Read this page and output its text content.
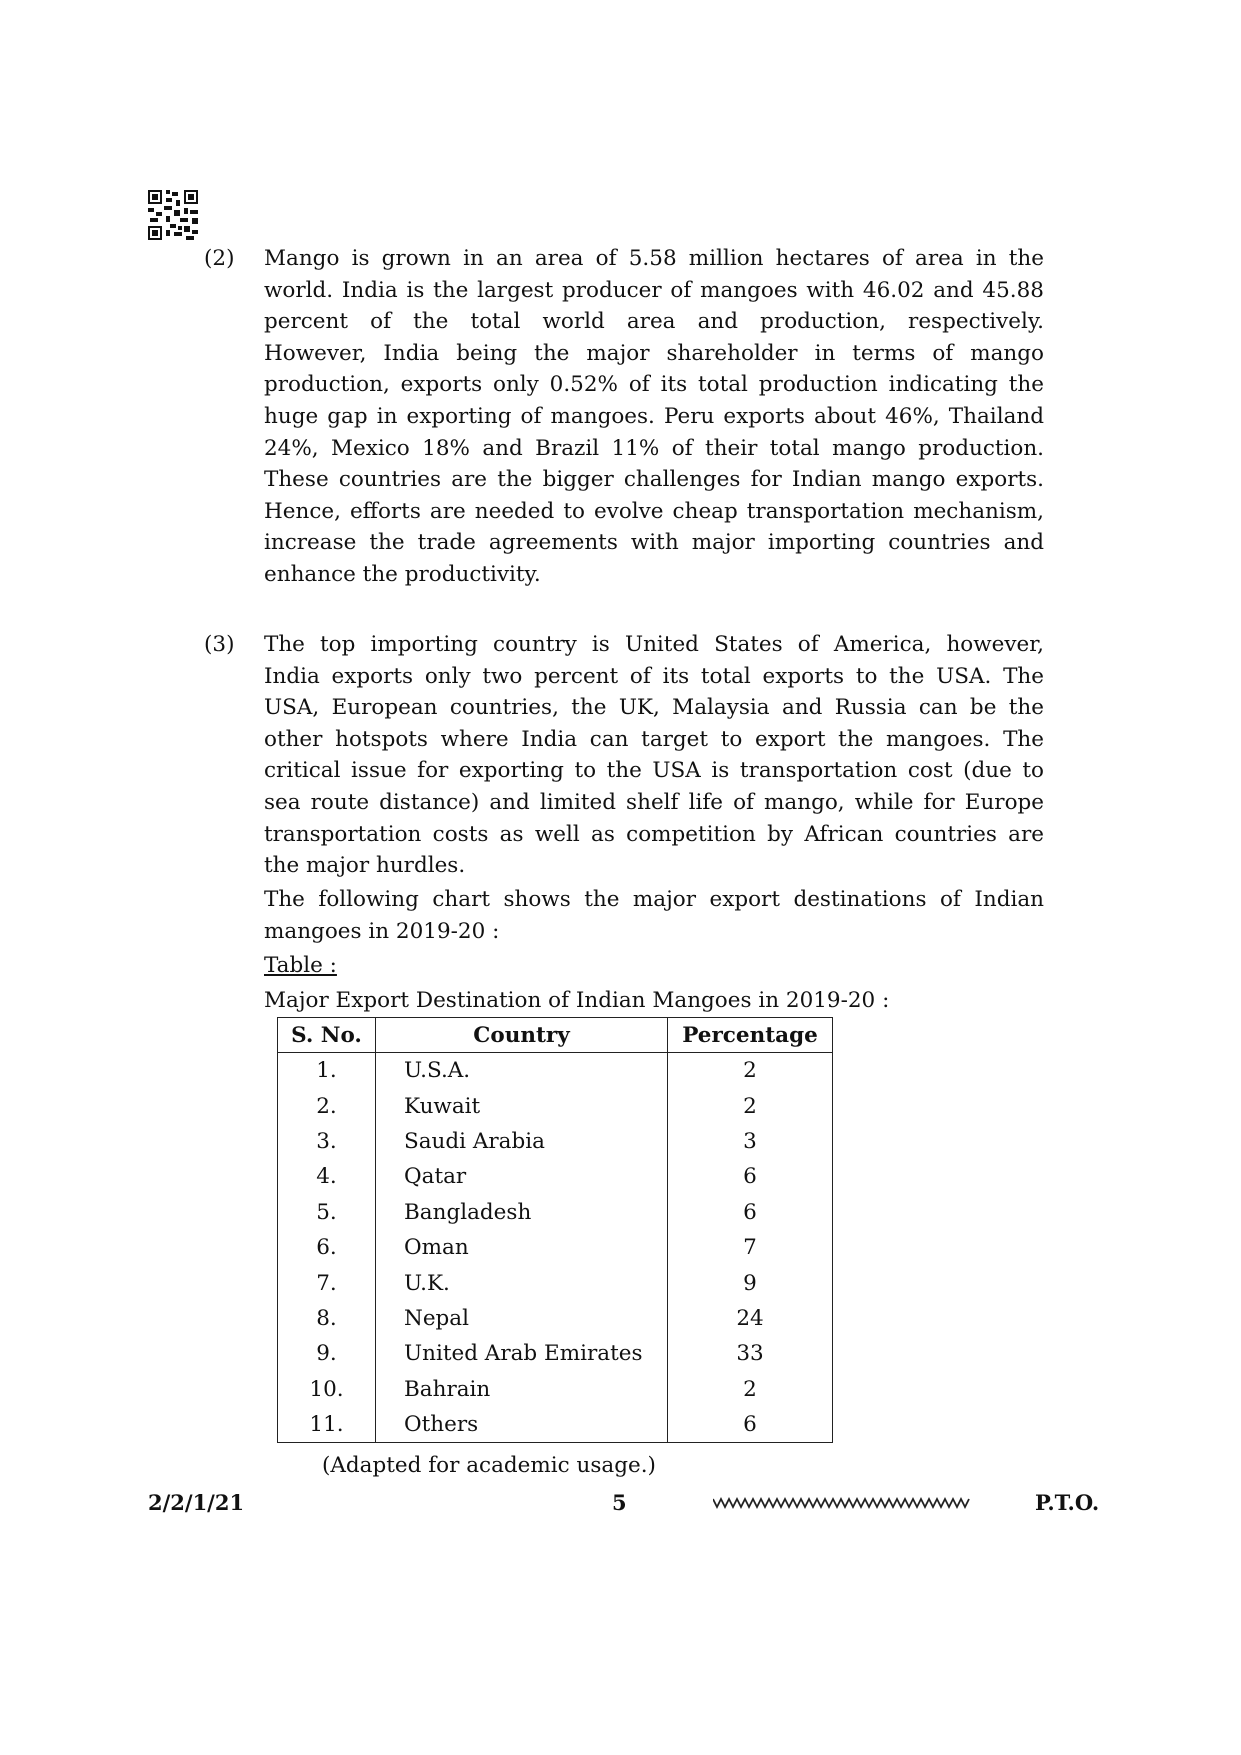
(2) Mango is grown in an area of 5.58 million hectares of area in the
world. India is the largest producer of mangoes with 46.02 and 45.88
percent of the total world area and production, respectively.
However, India being the major shareholder in terms of mango
production, exports only 0.52% of its total production indicating the
huge gap in exporting of mangoes. Peru exports about 46%, Thailand
24%, Mexico 18% and Brazil 11% of their total mango production.
These countries are the bigger challenges for Indian mango exports.
Hence, efforts are needed to evolve cheap transportation mechanism,
increase the trade agreements with major importing countries and
enhance the productivity.
(3) The top importing country is United States of America, however,
India exports only two percent of its total exports to the USA. The
USA, European countries, the UK, Malaysia and Russia can be the
other hotspots where India can target to export the mangoes. The
critical issue for exporting to the USA is transportation cost (due to
sea route distance) and limited shelf life of mango, while for Europe
transportation costs as well as competition by African countries are
the major hurdles.
The following chart shows the major export destinations of Indian
mangoes in 2019-20 :
Table :
Major Export Destination of Indian Mangoes in 2019-20 :
S. No.	Country	Percentage
1.	U.S.A.	2
2.	Kuwait	2
3.	Saudi Arabia	3
4.	Qatar	6
5.	Bangladesh	6
6.	Oman	7
7.	U.K.	9
8.	Nepal	24
9.	United Arab Emirates	33
10.	Bahrain	2
11.	Others	6
(Adapted for academic usage.)
2/2/1/21	5	P.T.O.
